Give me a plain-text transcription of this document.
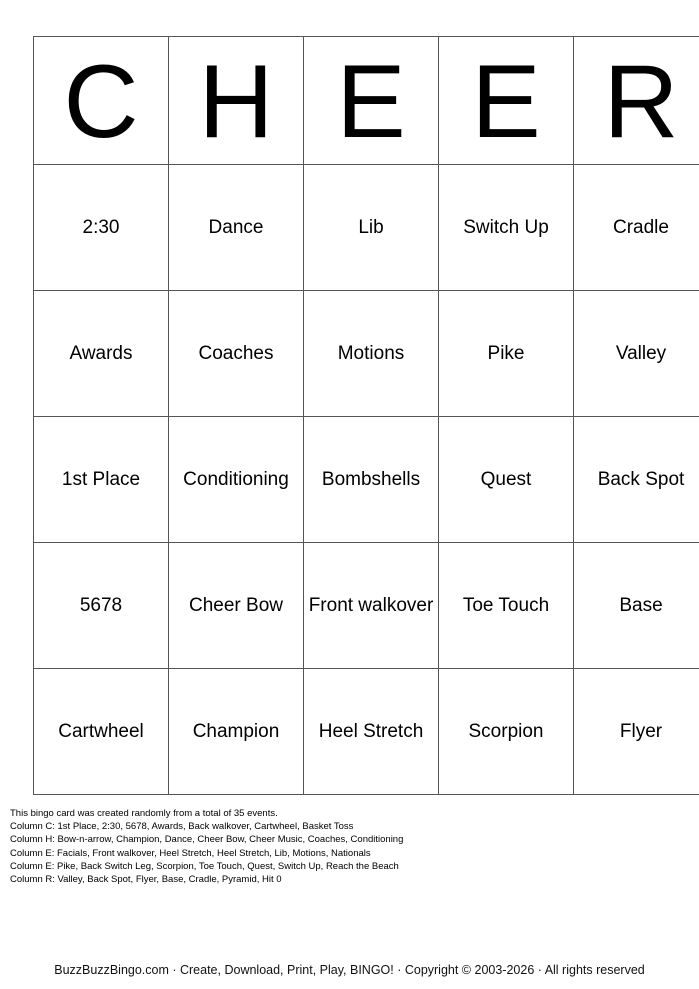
C	H	E	E	R
2:30	Dance	Lib	Switch Up	Cradle
Awards	Coaches	Motions	Pike	Valley
1st Place	Conditioning	Bombshells	Quest	Back Spot
5678	Cheer Bow	Front walkover	Toe Touch	Base
Cartwheel	Champion	Heel Stretch	Scorpion	Flyer
This bingo card was created randomly from a total of 35 events.
Column C: 1st Place, 2:30, 5678, Awards, Back walkover, Cartwheel, Basket Toss
Column H: Bow-n-arrow, Champion, Dance, Cheer Bow, Cheer Music, Coaches, Conditioning
Column E: Facials, Front walkover, Heel Stretch, Heel Stretch, Lib, Motions, Nationals
Column E: Pike, Back Switch Leg, Scorpion, Toe Touch, Quest, Switch Up, Reach the Beach
Column R: Valley, Back Spot, Flyer, Base, Cradle, Pyramid, Hit 0
BuzzBuzzBingo.com · Create, Download, Print, Play, BINGO! · Copyright © 2003-2026 · All rights reserved
